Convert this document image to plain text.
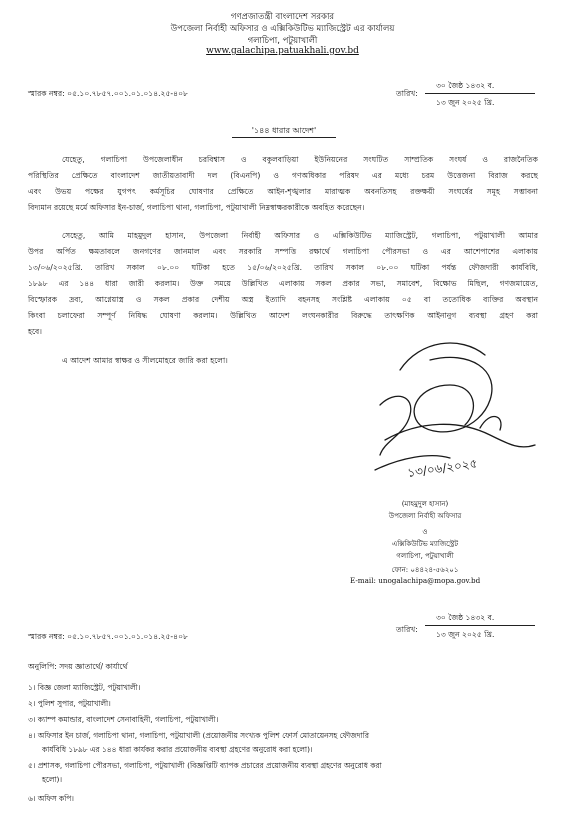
গণপ্রজাতন্ত্রী বাংলাদেশ সরকার
উপজেলা নির্বাহী অফিসার ও এক্সিকিউটিভ ম্যাজিস্ট্রেট এর কার্যালয়
গলাচিপা, পটুয়াখালী
www.galachipa.patuakhali.gov.bd
স্মারক নম্বর: ০৫.১০.৭৮৫৭.০০১.০১.০১৪.২৫-৪০৮	তারিখ:
৩০ জৈষ্ঠ ১৪৩২ ব.
১৩ জুন ২০২৫ খ্রি.
'১৪৪ ধারার আদেশ'
যেহেতু, গলাচিপা উপজেলাধীন চরবিশ্বাস ও বকুলবাড়িয়া ইউনিয়নের সংঘটিত সাম্প্রতিক সংঘর্ষ ও রাজনৈতিক
পরিস্থিতির প্রেক্ষিতে বাংলাদেশ জাতীয়তাবাদী দল (বিএনপি) ও গণঅধিকার পরিষদ এর মধ্যে চরম উত্তেজনা বিরাজ করছে
এবং উভয় পক্ষের যুগপৎ কর্মসূচির ঘোষণার প্রেক্ষিতে আইন-শৃঙ্খলার মারাত্মক অবনতিসহ রক্তক্ষয়ী সংঘর্ষের সমূহ সম্ভাবনা
বিদ্যমান রয়েছে মর্মে অফিসার ইন-চার্জ, গলাচিপা থানা, গলাচিপা, পটুয়াখালী নিম্নস্বাক্ষরকারীকে অবহিত করেছেন।
সেহেতু, আমি মাহমুদুল হাসান, উপজেলা নির্বাহী অফিসার ও এক্সিকিউটিভ ম্যাজিস্ট্রেট, গলাচিপা, পটুয়াখালী আমার
উপর অর্পিত ক্ষমতাবলে জনগণের জানমাল এবং সরকারি সম্পত্তি রক্ষার্থে গলাচিপা পৌরসভা ও এর আশেপাশের এলাকায়
১৩/০৬/২০২৫খ্রি. তারিখ সকাল ০৮.০০ ঘটিকা হতে ১৫/০৬/২০২৫খ্রি. তারিখ সকাল ০৮.০০ ঘটিকা পর্যন্ত ফৌজদারী কার্যবিধি,
১৮৯৮ এর ১৪৪ ধারা জারী করলাম। উক্ত সময়ে উল্লিখিত এলাকায় সকল প্রকার সভা, সমাবেশ, বিক্ষোভ মিছিল, গণজমায়েত,
বিস্ফোরক দ্রব্য, আগ্নেয়াস্ত্র ও সকল প্রকার দেশীয় অস্ত্র ইত্যাদি বহনসহ সংশ্লিষ্ট এলাকায় ০৫ বা ততোধিক ব্যক্তির অবস্থান
কিংবা চলাফেরা সম্পূর্ণ নিষিদ্ধ ঘোষণা করলাম। উল্লিখিত আদেশ লংঘনকারীর বিরুদ্ধে তাৎক্ষণিক আইনানুগ ব্যবস্থা গ্রহণ করা
হবে।
এ আদেশ আমার স্বাক্ষর ও সীলমোহরে জারি করা হলো।
১৩/০৬/২০২৫
(মাহমুদুল হাসান)
উপজেলা নির্বাহী অফিসার
ও
এক্সিকিউটিভ ম্যাজিস্ট্রেট
গলাচিপা, পটুয়াখালী
ফোন: ০৪৪২৪-৫৬২০১
E-mail: unogalachipa@mopa.gov.bd
স্মারক নম্বর: ০৫.১০.৭৮৫৭.০০১.০১.০১৪.২৫-৪০৮
তারিখ:
৩০ জৈষ্ঠ ১৪৩২ ব.
১৩ জুন ২০২৫ খ্রি.
অনুলিপি: সদয় জ্ঞাতার্থে/ কার্যার্থে
১। বিজ্ঞ জেলা ম্যাজিস্ট্রেট, পটুয়াখালী।
২। পুলিশ সুপার, পটুয়াখালী।
৩। ক্যাম্প কমান্ডার, বাংলাদেশ সেনাবাহিনী, গলাচিপা, পটুয়াখালী।
৪। অফিসার ইন চার্জ, গলাচিপা থানা, গলাচিপা, পটুয়াখালী (প্রয়োজনীয় সংখ্যক পুলিশ ফোর্স মোতায়েনসহ ফৌজদারি
কার্যবিধি ১৮৯৮ এর ১৪৪ ধারা কার্যকর করার প্রয়োজনীয় ব্যবস্থা গ্রহণের অনুরোধ করা হলো)।
৫। প্রশাসক, গলাচিপা পৌরসভা, গলাচিপা, পটুয়াখালী (বিজ্ঞপ্তিটি ব্যাপক প্রচারের প্রয়োজনীয় ব্যবস্থা গ্রহণের অনুরোধ করা
হলো)।
৬। অফিস কপি।
